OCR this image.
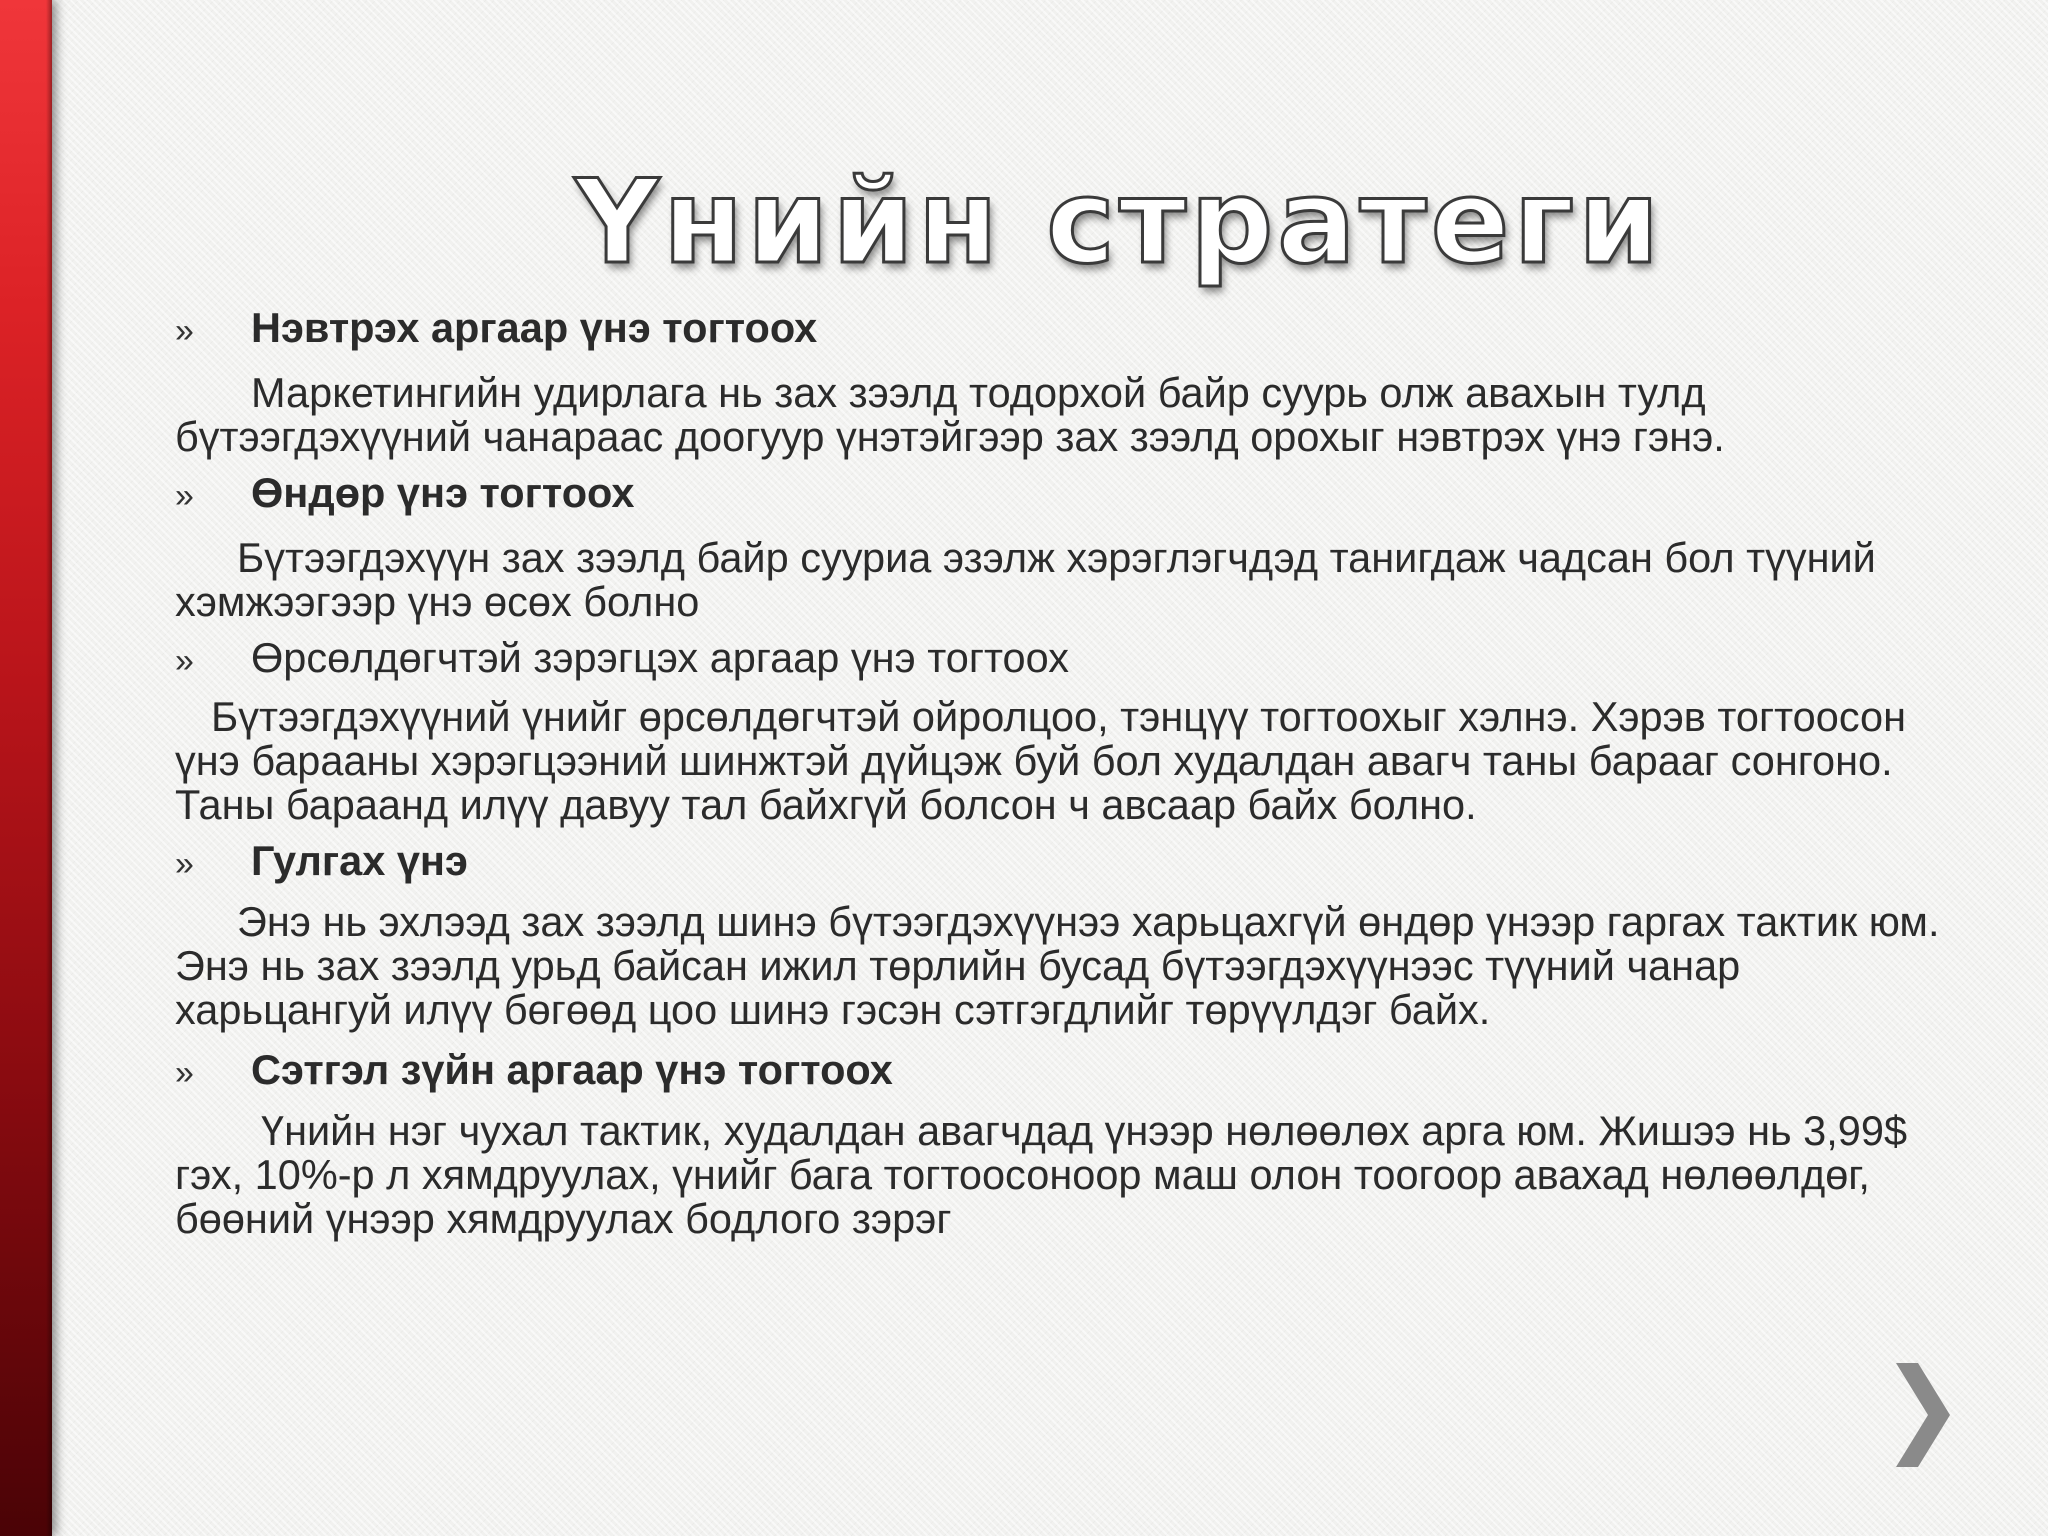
Үнийн стратеги
»	Нэвтрэх аргаар үнэ тогтоох

Маркетингийн удирлага нь зах зээлд тодорхой байр суурь олж авахын тулд бүтээгдэхүүний чанараас доогуур үнэтэйгээр зах зээлд орохыг нэвтрэх үнэ гэнэ.

»	Өндөр үнэ тогтоох

Бүтээгдэхүүн зах зээлд байр сууриа эзэлж хэрэглэгчдэд танигдаж чадсан бол түүний хэмжээгээр үнэ өсөх болно

»	Өрсөлдөгчтэй зэрэгцэх аргаар үнэ тогтоох

Бүтээгдэхүүний үнийг өрсөлдөгчтэй ойролцоо, тэнцүү тогтоохыг хэлнэ. Хэрэв тогтоосон үнэ барааны хэрэгцээний шинжтэй дүйцэж буй бол худалдан авагч таны барааг сонгоно. Таны бараанд илүү давуу тал байхгүй болсон ч авсаар байх болно.

»	Гулгах үнэ

Энэ нь эхлээд зах зээлд шинэ бүтээгдэхүүнээ харьцахгүй өндөр үнээр гаргах тактик юм. Энэ нь зах зээлд урьд байсан ижил төрлийн бусад бүтээгдэхүүнээс түүний чанар харьцангуй илүү бөгөөд цоо шинэ гэсэн сэтгэгдлийг төрүүлдэг байх.

»	Сэтгэл зүйн аргаар үнэ тогтоох

Үнийн нэг чухал тактик, худалдан авагчдад үнээр нөлөөлөх арга юм. Жишээ нь 3,99$ гэх, 10%-р л хямдруулах, үнийг бага тогтоосоноор маш олон тоогоор авахад нөлөөлдөг, бөөний үнээр хямдруулах бодлого зэрэг
